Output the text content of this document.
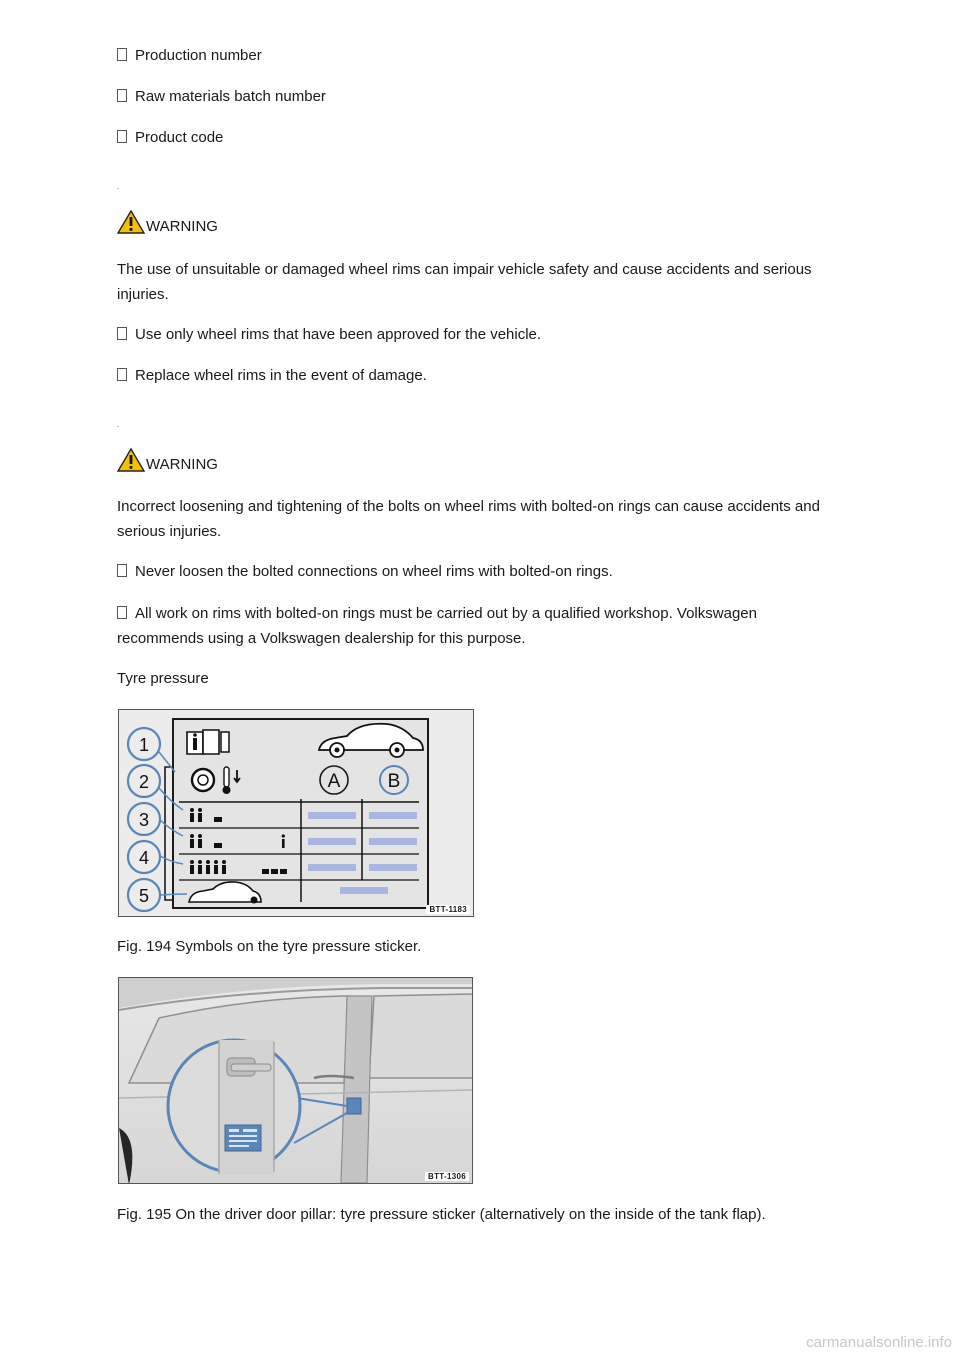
Production number
Raw materials batch number
Product code
WARNING
The use of unsuitable or damaged wheel rims can impair vehicle safety and cause accidents and serious injuries.
Use only wheel rims that have been approved for the vehicle.
Replace wheel rims in the event of damage.
WARNING
Incorrect loosening and tightening of the bolts on wheel rims with bolted-on rings can cause accidents and serious injuries.
Never loosen the bolted connections on wheel rims with bolted-on rings.
All work on rims with bolted-on rings must be carried out by a qualified workshop. Volkswagen recommends using a Volkswagen dealership for this purpose.
Tyre pressure
A B
1
2
3
4
5
BTT-1183
Fig. 194 Symbols on the tyre pressure sticker.
BTT-1306
Fig. 195 On the driver door pillar: tyre pressure sticker (alternatively on the inside of the tank flap).
carmanualsonline.info
